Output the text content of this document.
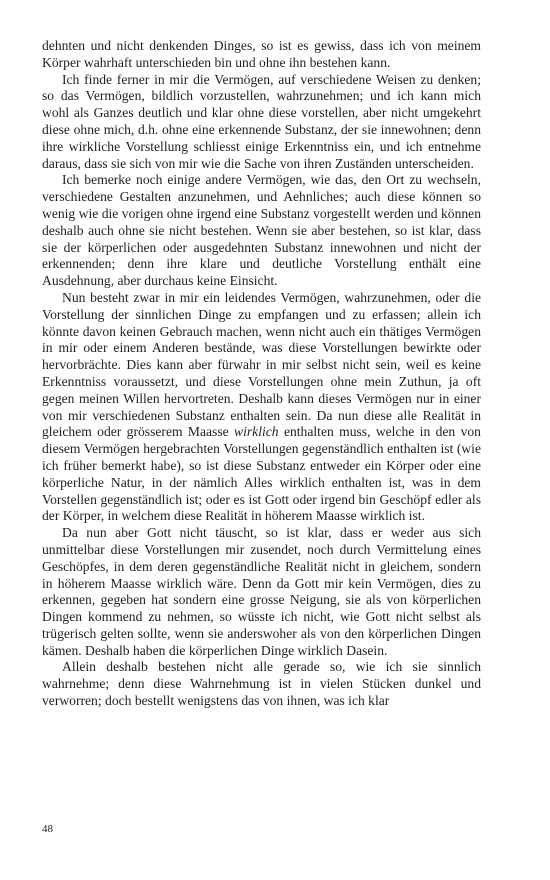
dehnten und nicht denkenden Dinges, so ist es gewiss, dass ich von meinem Körper wahrhaft unterschieden bin und ohne ihn bestehen kann.

Ich finde ferner in mir die Vermögen, auf verschiedene Weisen zu denken; so das Vermögen, bildlich vorzustellen, wahrzunehmen; und ich kann mich wohl als Ganzes deutlich und klar ohne diese vorstellen, aber nicht umgekehrt diese ohne mich, d.h. ohne eine erkennende Substanz, der sie innewohnen; denn ihre wirkliche Vorstellung schliesst einige Erkenntniss ein, und ich entnehme daraus, dass sie sich von mir wie die Sache von ihren Zuständen unterscheiden.

Ich bemerke noch einige andere Vermögen, wie das, den Ort zu wechseln, verschiedene Gestalten anzunehmen, und Aehnliches; auch diese können so wenig wie die vorigen ohne irgend eine Substanz vorgestellt werden und können deshalb auch ohne sie nicht bestehen. Wenn sie aber bestehen, so ist klar, dass sie der körperlichen oder ausgedehnten Substanz innewohnen und nicht der erkennenden; denn ihre klare und deutliche Vorstellung enthält eine Ausdehnung, aber durchaus keine Einsicht.

Nun besteht zwar in mir ein leidendes Vermögen, wahrzunehmen, oder die Vorstellung der sinnlichen Dinge zu empfangen und zu erfassen; allein ich könnte davon keinen Gebrauch machen, wenn nicht auch ein thätiges Vermögen in mir oder einem Anderen bestände, was diese Vorstellungen bewirkte oder hervorbrächte. Dies kann aber fürwahr in mir selbst nicht sein, weil es keine Erkenntniss voraussetzt, und diese Vorstellungen ohne mein Zuthun, ja oft gegen meinen Willen hervortreten. Deshalb kann dieses Vermögen nur in einer von mir verschiedenen Substanz enthalten sein. Da nun diese alle Realität in gleichem oder grösserem Maasse wirklich enthalten muss, welche in den von diesem Vermögen hergebrachten Vorstellungen gegenständlich enthalten ist (wie ich früher bemerkt habe), so ist diese Substanz entweder ein Körper oder eine körperliche Natur, in der nämlich Alles wirklich enthalten ist, was in dem Vorstellen gegenständlich ist; oder es ist Gott oder irgend bin Geschöpf edler als der Körper, in welchem diese Realität in höherem Maasse wirklich ist.

Da nun aber Gott nicht täuscht, so ist klar, dass er weder aus sich unmittelbar diese Vorstellungen mir zusendet, noch durch Vermittelung eines Geschöpfes, in dem deren gegenständliche Realität nicht in gleichem, sondern in höherem Maasse wirklich wäre. Denn da Gott mir kein Vermögen, dies zu erkennen, gegeben hat sondern eine grosse Neigung, sie als von körperlichen Dingen kommend zu nehmen, so wüsste ich nicht, wie Gott nicht selbst als trügerisch gelten sollte, wenn sie anderswoher als von den körperlichen Dingen kämen. Deshalb haben die körperlichen Dinge wirklich Dasein.

Allein deshalb bestehen nicht alle gerade so, wie ich sie sinnlich wahrnehme; denn diese Wahrnehmung ist in vielen Stücken dunkel und verworren; doch bestellt wenigstens das von ihnen, was ich klar

48
